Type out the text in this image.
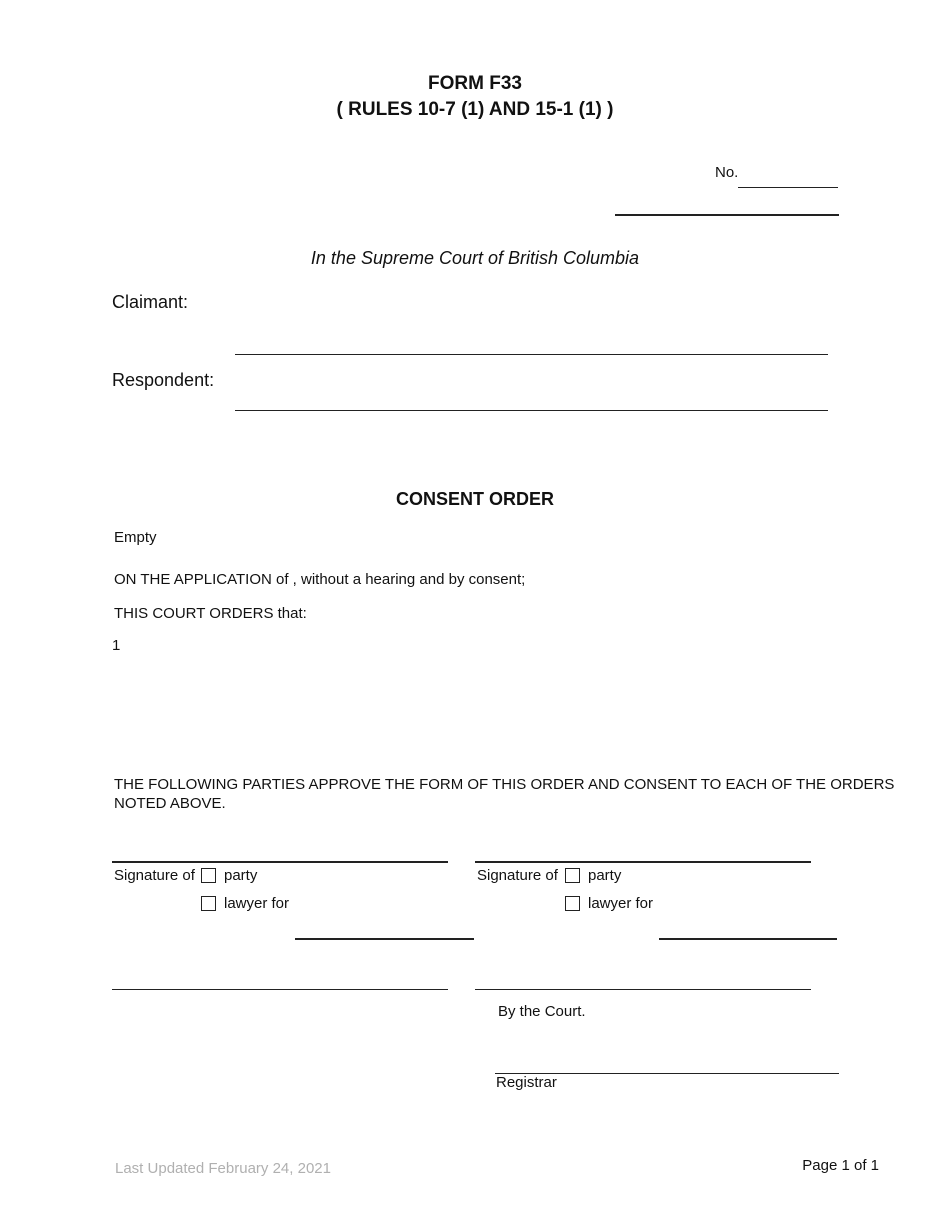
FORM F33
( RULES 10-7 (1) AND 15-1 (1) )
No.
In the Supreme Court of British Columbia
Claimant:
Respondent:
CONSENT ORDER
Empty
ON THE APPLICATION of , without a hearing and by consent;
THIS COURT ORDERS that:
1
THE FOLLOWING PARTIES APPROVE THE FORM OF THIS ORDER AND CONSENT TO EACH OF THE ORDERS
NOTED ABOVE.
Signature of party
lawyer for
Signature of party
lawyer for
By the Court.
Registrar
Last Updated February 24, 2021	Page 1 of 1
